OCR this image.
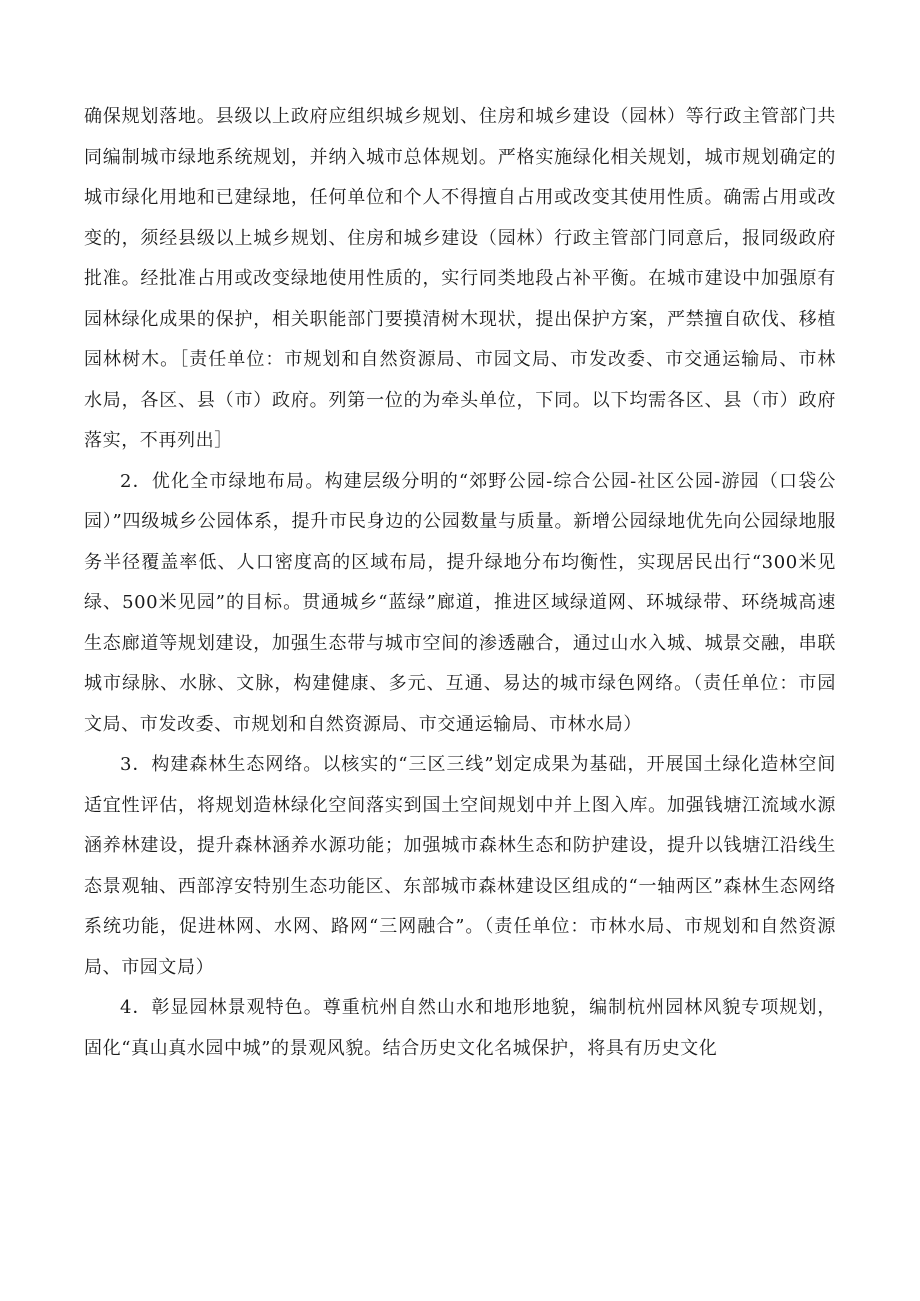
确保规划落地。县级以上政府应组织城乡规划、住房和城乡建设（园林）等行政主管部门共同编制城市绿地系统规划，并纳入城市总体规划。严格实施绿化相关规划，城市规划确定的城市绿化用地和已建绿地，任何单位和个人不得擅自占用或改变其使用性质。确需占用或改变的，须经县级以上城乡规划、住房和城乡建设（园林）行政主管部门同意后，报同级政府批准。经批准占用或改变绿地使用性质的，实行同类地段占补平衡。在城市建设中加强原有园林绿化成果的保护，相关职能部门要摸清树木现状，提出保护方案，严禁擅自砍伐、移植园林树木。［责任单位：市规划和自然资源局、市园文局、市发改委、市交通运输局、市林水局，各区、县（市）政府。列第一位的为牵头单位，下同。以下均需各区、县（市）政府落实，不再列出］

2．优化全市绿地布局。构建层级分明的“郊野公园-综合公园-社区公园-游园（口袋公园）”四级城乡公园体系，提升市民身边的公园数量与质量。新增公园绿地优先向公园绿地服务半径覆盖率低、人口密度高的区域布局，提升绿地分布均衡性，实现居民出行“300米见绿、500米见园”的目标。贯通城乡“蓝绿”廊道，推进区域绿道网、环城绿带、环绕城高速生态廊道等规划建设，加强生态带与城市空间的渗透融合，通过山水入城、城景交融，串联城市绿脉、水脉、文脉，构建健康、多元、互通、易达的城市绿色网络。（责任单位：市园文局、市发改委、市规划和自然资源局、市交通运输局、市林水局）

3．构建森林生态网络。以核实的“三区三线”划定成果为基础，开展国土绿化造林空间适宜性评估，将规划造林绿化空间落实到国土空间规划中并上图入库。加强钱塘江流域水源涵养林建设，提升森林涵养水源功能；加强城市森林生态和防护建设，提升以钱塘江沿线生态景观轴、西部淳安特别生态功能区、东部城市森林建设区组成的“一轴两区”森林生态网络系统功能，促进林网、水网、路网“三网融合”。（责任单位：市林水局、市规划和自然资源局、市园文局）

4．彰显园林景观特色。尊重杭州自然山水和地形地貌，编制杭州园林风貌专项规划，固化“真山真水园中城”的景观风貌。结合历史文化名城保护，将具有历史文化
